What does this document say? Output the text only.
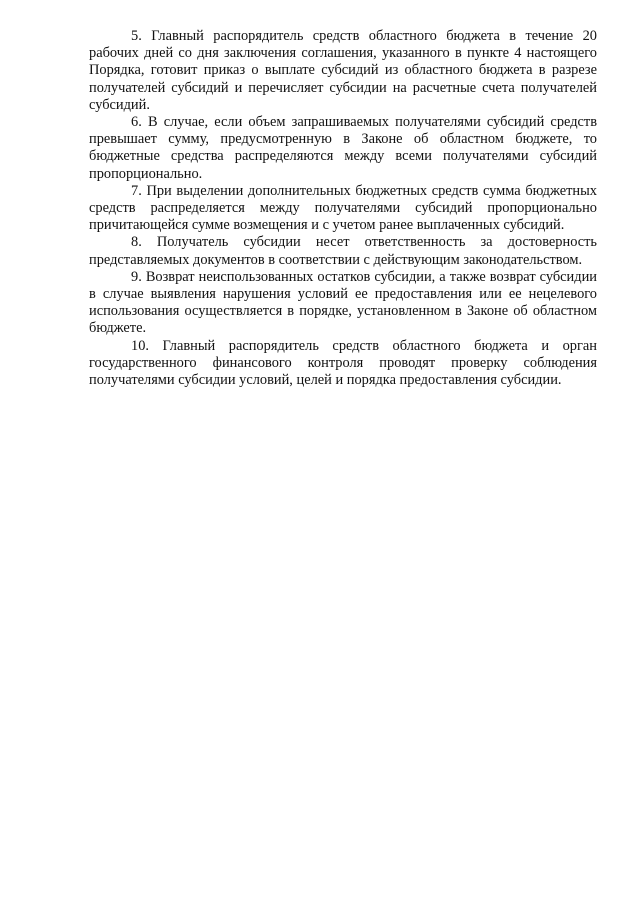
5. Главный распорядитель средств областного бюджета в течение 20 рабочих дней со дня заключения соглашения, указанного в пункте 4 настоящего Порядка, готовит приказ о выплате субсидий из областного бюджета в разрезе получателей субсидий и перечисляет субсидии на расчетные счета получателей субсидий.

6. В случае, если объем запрашиваемых получателями субсидий средств превышает сумму, предусмотренную в Законе об областном бюджете, то бюджетные средства распределяются между всеми получателями субсидий пропорционально.

7. При выделении дополнительных бюджетных средств сумма бюджетных средств распределяется между получателями субсидий пропорционально причитающейся сумме возмещения и с учетом ранее выплаченных субсидий.

8. Получатель субсидии несет ответственность за достоверность представляемых документов в соответствии с действующим законодательством.

9. Возврат неиспользованных остатков субсидии, а также возврат субсидии в случае выявления нарушения условий ее предоставления или ее нецелевого использования осуществляется в порядке, установленном в Законе об областном бюджете.

10. Главный распорядитель средств областного бюджета и орган государственного финансового контроля проводят проверку соблюдения получателями субсидии условий, целей и порядка предоставления субсидии.
